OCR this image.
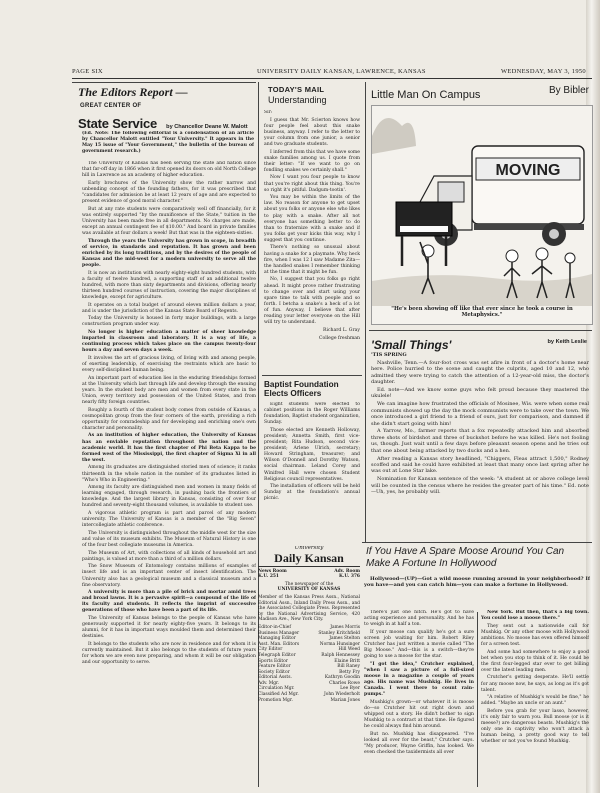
PAGE SIX	UNIVERSITY DAILY KANSAN, LAWRENCE, KANSAS	WEDNESDAY, MAY 3, 1950
The Editors Report —
GREAT CENTER OF
State Service by Chancellor Deane W. Malott
(Ed. Note: The following editorial is a condensation of an article by Chancellor Malott entitled "Your University." It appears in the May 15 issue of "Your Government," the bulletin of the bureau of government research.)

The University of Kansas has been serving the state and nation since that far-off day in 1866 when it first opened its doors on old North College hill in Lawrence as an academy of higher education.

Early brochures of the University show the rather narrow and unbending concept of the founding fathers, for it was prescribed that "candidates for admission be at least 12 years of age and are expected to present evidence of good moral character."

But at any rate students were comparatively well off financially, for it was entirely supported "by the munificence of the State," tuition in the University has been made free in all departments. No charges are made, except an annual contingent fee of $10.00." And board in private families was available at four dollars a week! But that was in the eighteen-sixties.

Through the years the University has grown in scope, in breadth of service, in standards and reputation. It has grown and been enriched by its long traditions, and by the desires of the people of Kansas and the mid-west for a modern university to serve all the people.

It is now an institution with nearly eighty-eight hundred students, with a faculty of twelve hundred, a supporting staff of an additional twelve hundred, with more than sixty departments and divisions, offering nearly thirteen hundred courses of instruction, covering the major disciplines of knowledge, except for agriculture.

It operates on a total budget of around eleven million dollars a year, and is under the jurisdiction of the Kansas State Board of Regents.

Today the University is housed in forty major buildings, with a large construction program under way.

No longer is higher education a matter of sheer knowledge imparted in classroom and laboratory. It is a way of life, a continuing process which takes place on the campus twenty-four hours a day and seven days a week.

It involves the art of gracious living, of living with and among people, of exerting leadership, of exercising the restraints which are basic to every self-disciplined human being.

An important part of education lies in the enduring friendships formed at the University which last through life and develop through the ensuing years. In the student body are men and women from every state in the Union, every territory and possession of the United States, and from nearly fifty foreign countries.

Roughly a fourth of the student body comes from outside of Kansas, a cosmopolitan group from the four corners of the earth, providing a rich opportunity for comradeship and for developing and enriching one's own character and personality.

As an institution of higher education, the University of Kansas has an enviable reputation throughout the nation and the academic world. It has the first chapter of Phi Beta Kappa to be formed west of the Mississippi, the first chapter of Sigma Xi in all the west.

Among its graduates are distinguished storied men of science; it ranks thirteenth in the whole nation in the number of its graduates listed in "Who's Who in Engineering."

Among its faculty are distinguished men and women in many fields of learning engaged, through research, in pushing back the frontiers of knowledge. And the largest library in Kansas, consisting of over four hundred and seventy-eight thousand volumes, is available to student use.

A vigorous athletic program is part and parcel of any modern university. The University of Kansas is a member of the "Big Seven" intercollegiate athletic conference.

The University is distinguished throughout the middle west for the size and value of its museum exhibits. The Museum of Natural History is one of the four best collegiate museums in America.

The Museum of Art, with collections of all kinds of household art and paintings, is valued at more than a third of a million dollars.

The Snow Museum of Entomology contains millions of examples of insect life and is an important center of insect identification. The University also has a geological museum and a classical museum and a fine observatory.

A university is more than a pile of brick and mortar amid trees and broad lawns. It is a pervasive spirit—a compound of the life of its faculty and students. It reflects the imprint of successive generations of those who have been a part of its life.

The University of Kansas belongs to the people of Kansas who have generously supported it for nearly eighty-five years. It belongs to its alumni, for it has in important ways moulded them and determined their destinies.

It belongs to the students who are now in residence and for whom it is currently maintained. But it also belongs to the students of future years for whom we are even now preparing, and whom it will be our obligation and our opportunity to serve.

TODAY'S MAIL
Understanding

Sir:

I guess that Mr. Scierton knows how four people feel about this snake business, anyway. I refer to the letter to your column from one junior, a senior and two graduate students.

I inferred from this that we have some snake families among us. I quote from their letter: "If we want to go on fondling snakes we certainly shall."

Now I want you four people to know that you're right about this thing. You're so right it's pitiful. Dadgum-tootin'.

You may be within the limits of the law. No reason for anyone to get upset about you folks or anyone else who likes to play with a snake. After all not everyone has something better to do than to fraternize with a snake and if you folks get your kicks this way, why I suggest that you continue.

There's nothing so unusual about having a snake for a playmate. Why heck fire, when I was 12 I saw Madame Zita—the handled snakes I remember thinking at the time that it might be fun.

No, I suggest that you folks go right ahead. It might prove rather frustrating to change over and start using your spare time to talk with people and so forth. I betcha a snake's a heck of a lot of fun. Anyway, I believe that after reading your letter everyone on the Hill will try to understand.

Richard L. Gray

College freshman

Baptist Foundation Elects Officers

Eight students were elected to cabinet positions in the Roger Williams foundation, Baptist student organization, Sunday.

Those elected are Kenneth Holloway, president; Annetta Smith, first vice-president; Rita Hudson, second vice-president; Arlene Ulrich, secretary; Howard Stringham, treasurer; and Wilson O'Donnell and Dorothy Watson, social chairman. Leland Corey and Winifred Hall were chosen Student Religious council representatives.

The installation of officers will be held Sunday at the foundation's annual picnic.

University
Daily Kansan
News Room
K.U. 251
Adv. Room
K.U. 376
The newspaper of the
UNIVERSITY OF KANSAS
Member of the Kansas Press Assn., National Editorial Assn., Inland Daily Press Assn., and the Associated Collegiate Press. Represented by the National Advertising Service, 420 Madison Ave., New York City.
Editor-in-Chief	James Morris
Business Manager	Stanley Kritchfield
Managing Editor	James Stelton
Asst. Man. Editors	Norma Hunsinger
City Editor	Hill Weed
Telegraph Editor	Ralph Hennessey
Sports Editor	Elaine Britt
Feature Editor	Bill Raney
Society Editor	Betty Fry
Editorial Assts.	Kathryn Goodin
Adv. Mgr.	Charles Rowe
Circulation Mgr.	Lee Byer
Classified Ad Mgr.	John Wiederholt
Promotion Mgr.	Marian Jones
Little Man On Campus	By Bibler
MOVING
"He's been showing off like that ever since he took a course in Metaphysics."
'Small Things'	by Keith Leslie

'TIS SPRING

Nashville, Tenn.—A four-foot cross was set afire in front of a doctor's home near here. Police hurried to the scene and caught the culprits, aged 10 and 12, who admitted they were trying to catch the attention of a 12-year-old miss, the doctor's daughter.

Ed. note—And we know some guys who felt proud because they mastered the ukulele!

We can imagine how frustrated the officials of Mosinee, Wis. were when some real communists showed up the day the mock communists were to take over the town. We once introduced a girl friend to a friend of ours, just for comparison, and damned if she didn't start going with him!

A Yarrow, Mo., farmer reports that a fox repeatedly attacked him and absorbed three shots of birdshot and three of buckshot before he was killed. He's not fooling us, though. Just wait until a few days before pleasant season opens and he tries out that one about being attacked by two ducks and a hen.

After reading a Kansas story headlined, "Chiggers, Fleas attract 1,500," Rodney scoffed and said he could have exhibited at least that many once last spring after he was out at Lone Star lake.

Nomination for Kansan sentence of the week: "A student at or above college level will be counted in the census where he resides the greater part of his time." Ed. note—Uh, yes, he probably will.

If You Have A Spare Moose Around You Can Make A Fortune In Hollywood

Hollywood—(UP)—Got a wild moose running around in your neighborhood? If you have—and you can catch him—you can make a fortune in Hollywood.

There's just one hitch. He's got to have acting experience and personality. And he has to weigh in at half a ton.

If your moose can qualify he's got a sure screen job waiting for him. Robert Riley Crutcher has just written a movie called "The Big Moose." And—this is a switch—they're going to use a moose for the star.

"I got the idea," Crutcher explained, "when I saw a picture of a full-sized moose in a magazine a couple of years ago. His name was Mushkig. He lives in Canada. I went there to count rain-pumps."

Mushkig's grown—or whatever it is moose do—so Crutcher hit out right down and whipped out a story. He didn't bother to sign Mushkig to a contract at that time. He figured he could always find him around.

But no. Mushkig has disappeared. "I've looked all over for the beast," Crutcher says. "My producer, Wayne Griffin, has looked. We even checked the taxidermists all over

New York. But then, that's a big town. You could lose a moose there."

They sent out a nationwide call for Mushkig. Or any other moose with Hollywood ambitions. No moose has even offered himself for a screen test.

And some had somewhere to enjoy a good bet when you stop to think of it. He could be the first four-legged star ever to get billing over the latest leading men.

Crutcher's getting desperate. He'll settle for any moose now, he says, as long as it's got talent.

"A relative of Mushkig's would be fine," he added. "Maybe an uncle or an aunt."

Before you grab for your lasso, however, it's only fair to warn you. Bull moose (or is it meese?) are dangerous beasts. Mushkig's the only one in captivity who won't attack a human being, a pretty good way to tell whether or not you've found Mushkig.
